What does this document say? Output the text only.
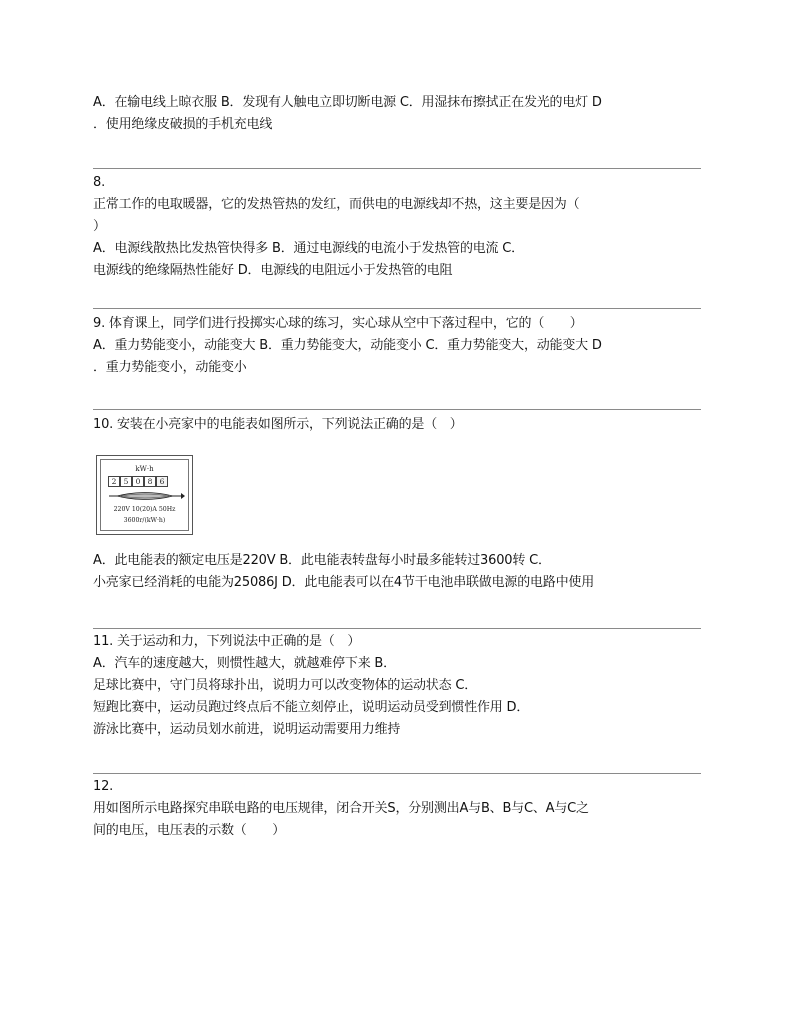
A．在输电线上晾衣服 B．发现有人触电立即切断电源 C．用湿抹布擦拭正在发光的电灯 D
．使用绝缘皮破损的手机充电线
8.
正常工作的电取暖器，它的发热管热的发红，而供电的电源线却不热，这主要是因为（
）
A．电源线散热比发热管快得多 B．通过电源线的电流小于发热管的电流 C．
电源线的绝缘隔热性能好 D．电源线的电阻远小于发热管的电阻
9. 体育课上，同学们进行投掷实心球的练习，实心球从空中下落过程中，它的（　　）
A．重力势能变小，动能变大 B．重力势能变大，动能变小 C．重力势能变大，动能变大 D
．重力势能变小，动能变小
10. 安装在小亮家中的电能表如图所示，下列说法正确的是（　）
kW·h
2 5 0 8 6
220V 10(20)A 50Hz
3600r/(kW·h)
A．此电能表的额定电压是220V B．此电能表转盘每小时最多能转过3600转 C．
小亮家已经消耗的电能为25086J D．此电能表可以在4节干电池串联做电源的电路中使用
11. 关于运动和力，下列说法中正确的是（　）
A．汽车的速度越大，则惯性越大，就越难停下来 B．
足球比赛中，守门员将球扑出，说明力可以改变物体的运动状态 C．
短跑比赛中，运动员跑过终点后不能立刻停止，说明运动员受到惯性作用 D．
游泳比赛中，运动员划水前进，说明运动需要用力维持
12.
用如图所示电路探究串联电路的电压规律，闭合开关S，分别测出A与B、B与C、A与C之
间的电压，电压表的示数（　　）
